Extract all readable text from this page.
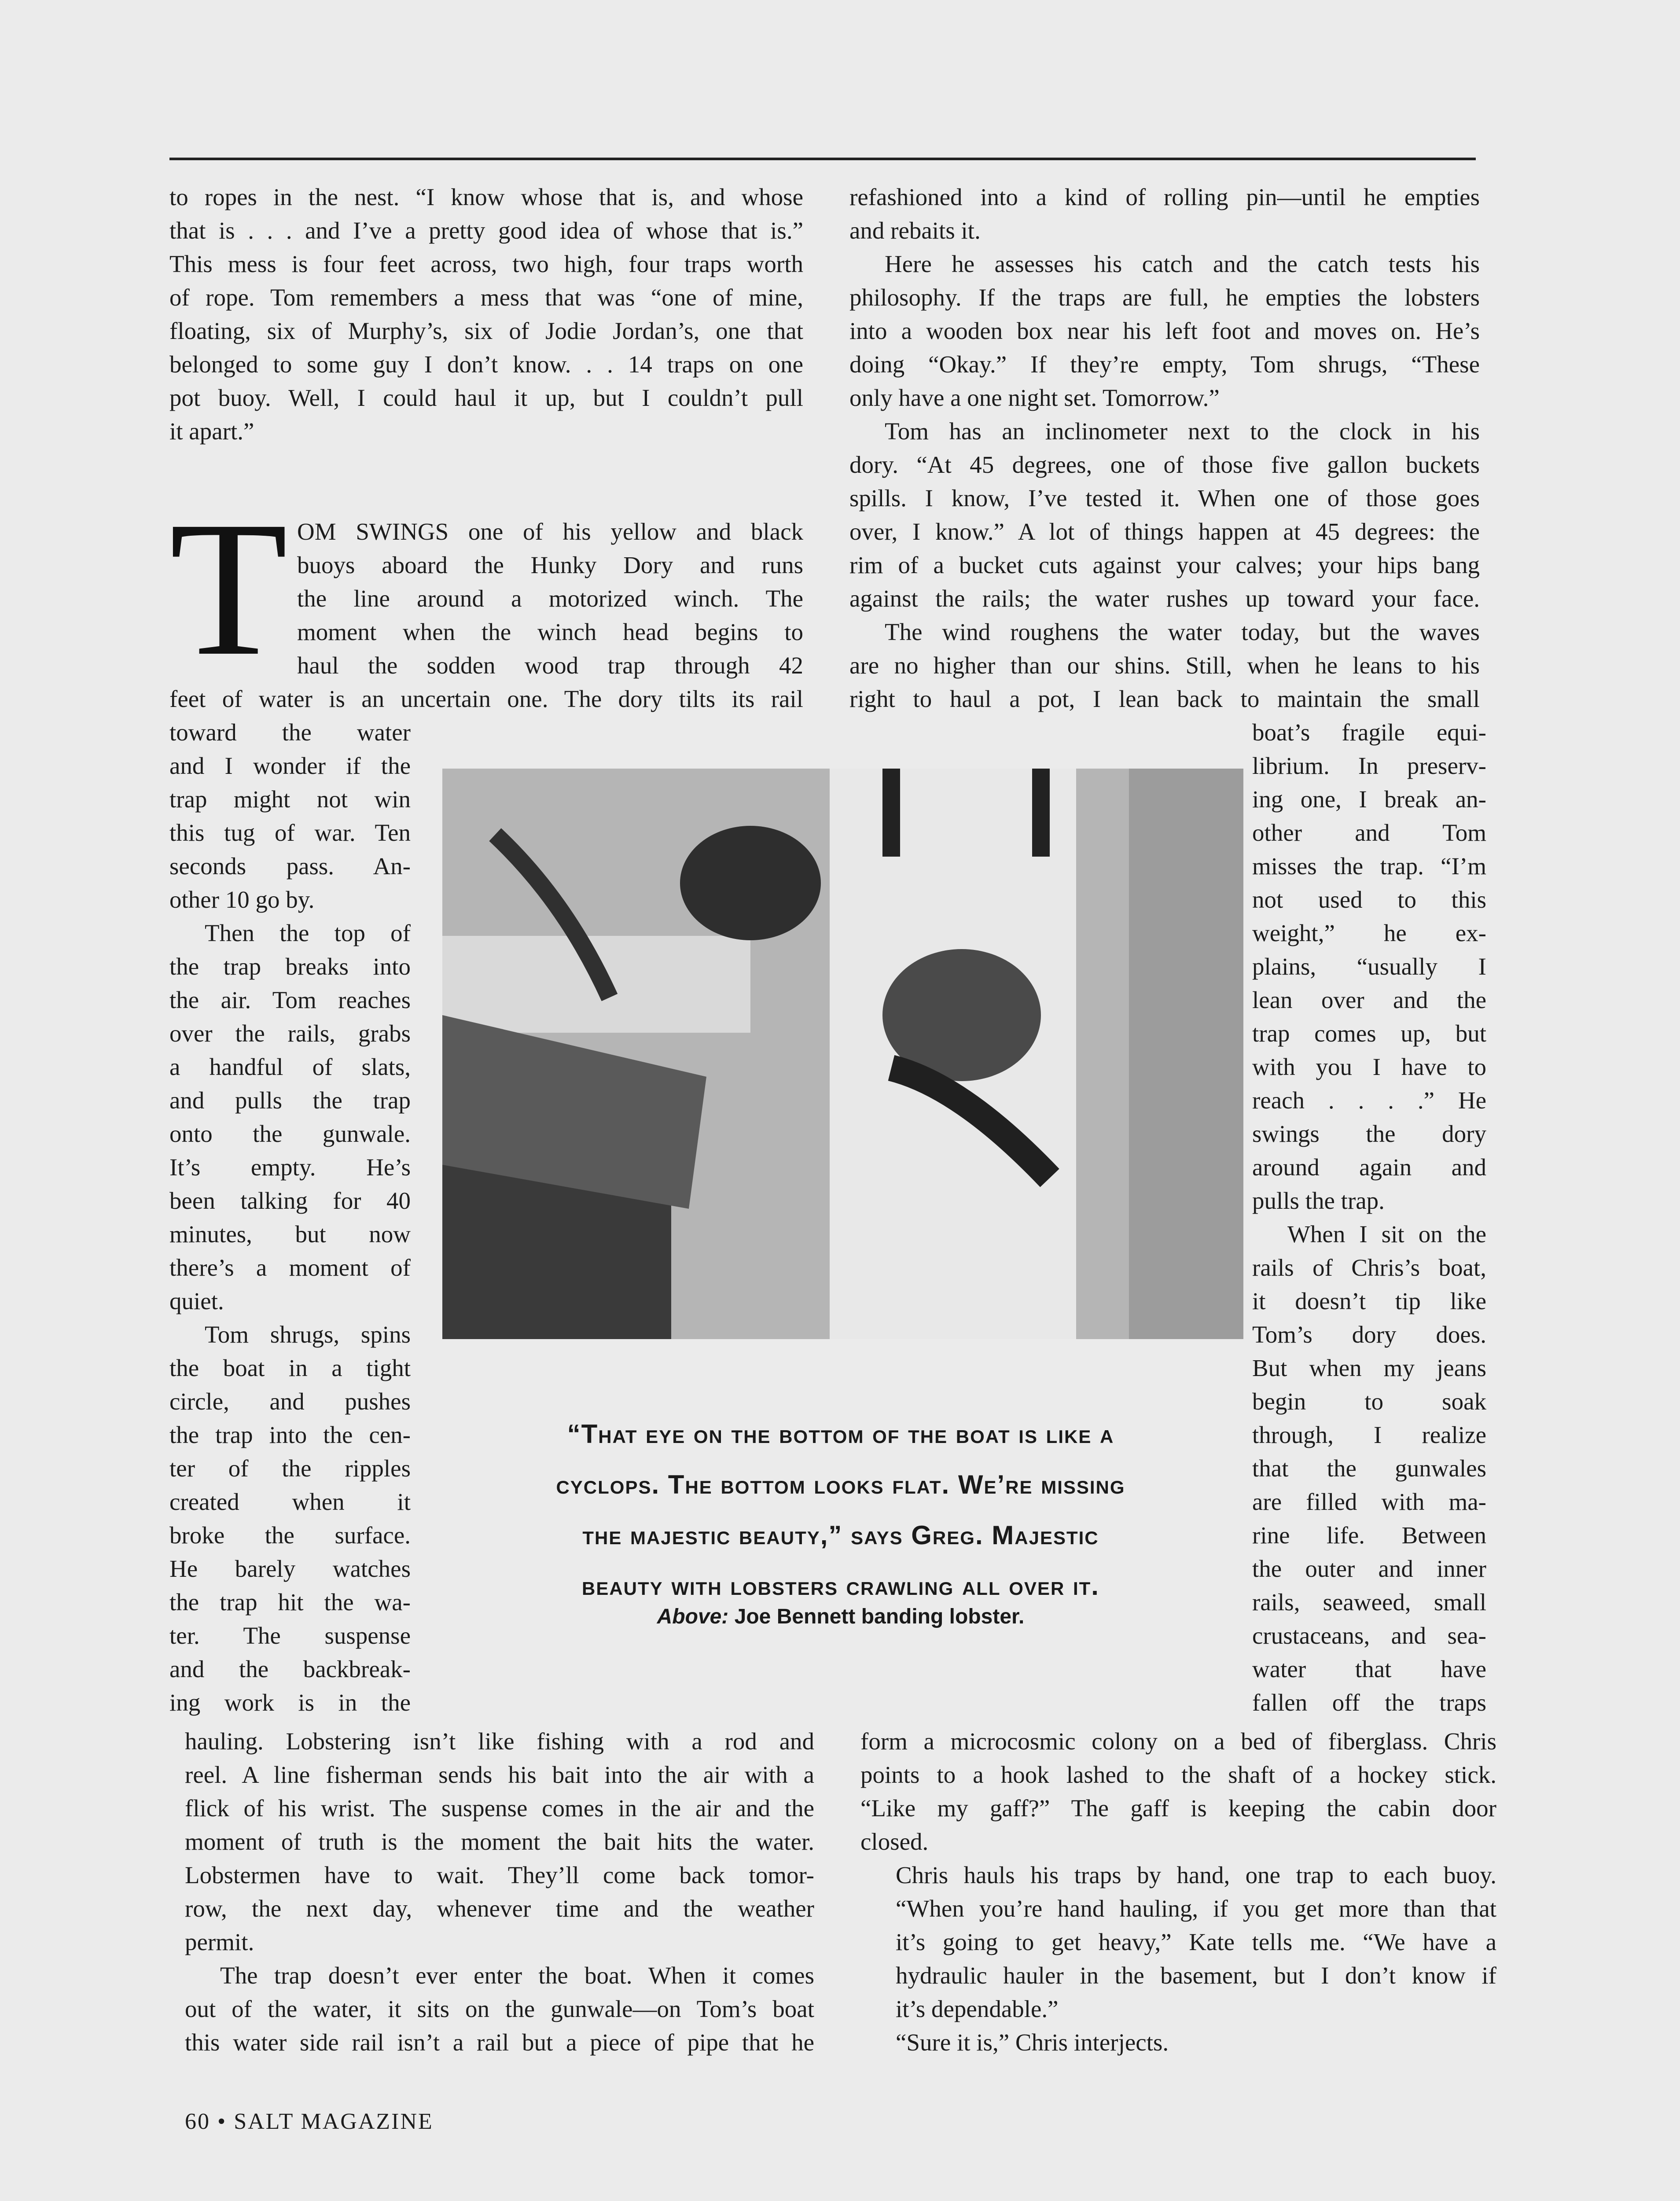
to ropes in the nest. “I know whose that is, and whose
that is . . . and I’ve a pretty good idea of whose that is.”
This mess is four feet across, two high, four traps worth
of rope. Tom remembers a mess that was “one of mine,
floating, six of Murphy’s, six of Jodie Jordan’s, one that
belonged to some guy I don’t know. . . 14 traps on one
pot buoy. Well, I could haul it up, but I couldn’t pull
it apart.”

T OM SWINGS one of his yellow and black
buoys aboard the Hunky Dory and runs
the line around a motorized winch. The
moment when the winch head begins to
haul the sodden wood trap through 42
feet of water is an uncertain one. The dory tilts its rail

toward the water
and I wonder if the
trap might not win
this tug of war. Ten
seconds pass. An-
other 10 go by.
Then the top of
the trap breaks into
the air. Tom reaches
over the rails, grabs
a handful of slats,
and pulls the trap
onto the gunwale.
It’s empty. He’s
been talking for 40
minutes, but now
there’s a moment of
quiet.
Tom shrugs, spins
the boat in a tight
circle, and pushes
the trap into the cen-
ter of the ripples
created when it
broke the surface.
He barely watches
the trap hit the wa-
ter. The suspense
and the backbreak-
ing work is in the

hauling. Lobstering isn’t like fishing with a rod and
reel. A line fisherman sends his bait into the air with a
flick of his wrist. The suspense comes in the air and the
moment of truth is the moment the bait hits the water.
Lobstermen have to wait. They’ll come back tomor-
row, the next day, whenever time and the weather
permit.
The trap doesn’t ever enter the boat. When it comes
out of the water, it sits on the gunwale—on Tom’s boat
this water side rail isn’t a rail but a piece of pipe that he

refashioned into a kind of rolling pin—until he empties
and rebaits it.
Here he assesses his catch and the catch tests his
philosophy. If the traps are full, he empties the lobsters
into a wooden box near his left foot and moves on. He’s
doing “Okay.” If they’re empty, Tom shrugs, “These
only have a one night set. Tomorrow.”
Tom has an inclinometer next to the clock in his
dory. “At 45 degrees, one of those five gallon buckets
spills. I know, I’ve tested it. When one of those goes
over, I know.” A lot of things happen at 45 degrees: the
rim of a bucket cuts against your calves; your hips bang
against the rails; the water rushes up toward your face.
The wind roughens the water today, but the waves
are no higher than our shins. Still, when he leans to his
right to haul a pot, I lean back to maintain the small

“That eye on the bottom of the boat is like a
cyclops. The bottom looks flat. We’re missing
the majestic beauty,” says Greg. Majestic
beauty with lobsters crawling all over it.
Above: Joe Bennett banding lobster.

boat’s fragile equi-
librium. In preserv-
ing one, I break an-
other and Tom
misses the trap. “I’m
not used to this
weight,” he ex-
plains, “usually I
lean over and the
trap comes up, but
with you I have to
reach . . . .” He
swings the dory
around again and
pulls the trap.
When I sit on the
rails of Chris’s boat,
it doesn’t tip like
Tom’s dory does.
But when my jeans
begin to soak
through, I realize
that the gunwales
are filled with ma-
rine life. Between
the outer and inner
rails, seaweed, small
crustaceans, and sea-
water that have
fallen off the traps

form a microcosmic colony on a bed of fiberglass. Chris
points to a hook lashed to the shaft of a hockey stick.
“Like my gaff?” The gaff is keeping the cabin door
closed.
Chris hauls his traps by hand, one trap to each buoy.
“When you’re hand hauling, if you get more than that
it’s going to get heavy,” Kate tells me. “We have a
hydraulic hauler in the basement, but I don’t know if
it’s dependable.”
“Sure it is,” Chris interjects.

60 • SALT MAGAZINE
